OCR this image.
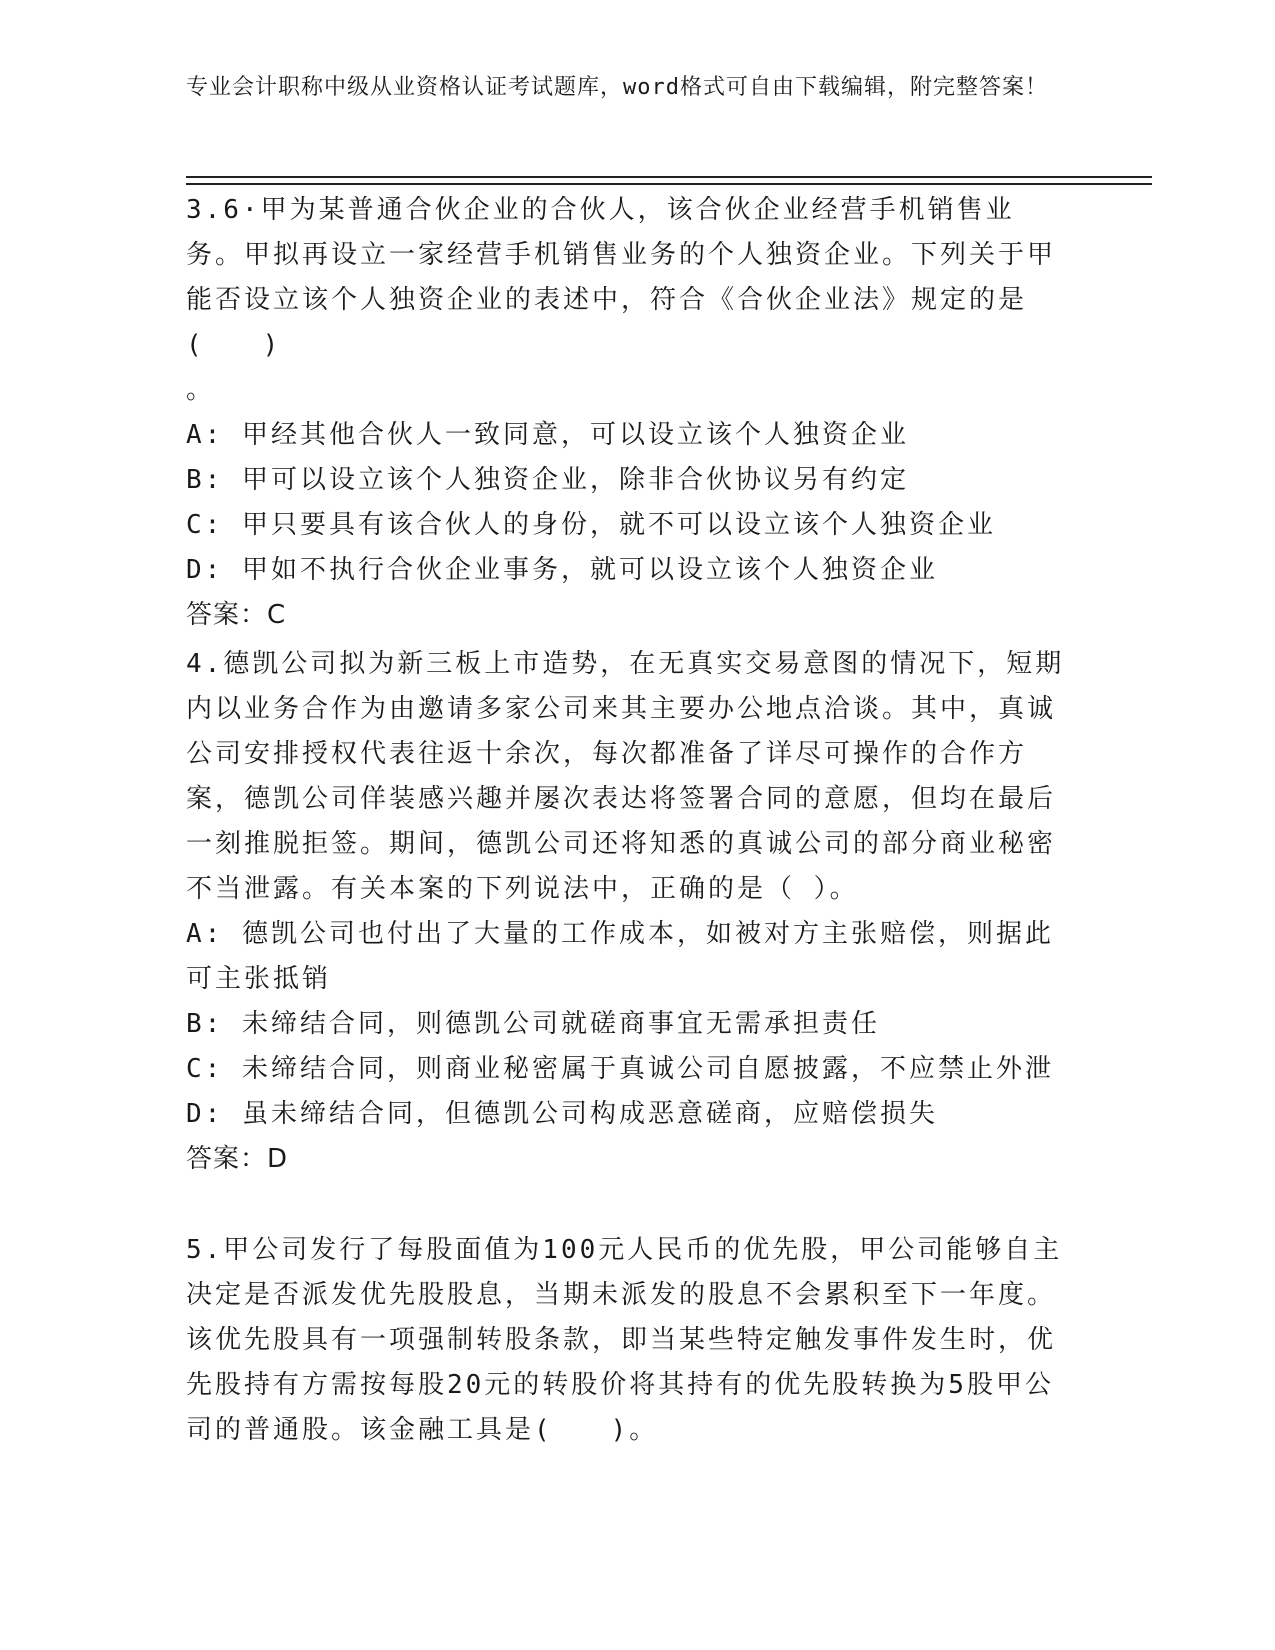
专业会计职称中级从业资格认证考试题库，word格式可自由下载编辑，附完整答案！

3.6·甲为某普通合伙企业的合伙人，该合伙企业经营手机销售业务。甲拟再设立一家经营手机销售业务的个人独资企业。下列关于甲能否设立该个人独资企业的表述中，符合《合伙企业法》规定的是(　　)
。

A: 甲经其他合伙人一致同意，可以设立该个人独资企业

B: 甲可以设立该个人独资企业，除非合伙协议另有约定

C: 甲只要具有该合伙人的身份，就不可以设立该个人独资企业

D: 甲如不执行合伙企业事务，就可以设立该个人独资企业

答案：C

4.德凯公司拟为新三板上市造势，在无真实交易意图的情况下，短期内以业务合作为由邀请多家公司来其主要办公地点洽谈。其中，真诚公司安排授权代表往返十余次，每次都准备了详尽可操作的合作方案，德凯公司佯装感兴趣并屡次表达将签署合同的意愿，但均在最后一刻推脱拒签。期间，德凯公司还将知悉的真诚公司的部分商业秘密不当泄露。有关本案的下列说法中，正确的是（ ）。

A: 德凯公司也付出了大量的工作成本，如被对方主张赔偿，则据此可主张抵销

B: 未缔结合同，则德凯公司就磋商事宜无需承担责任

C: 未缔结合同，则商业秘密属于真诚公司自愿披露，不应禁止外泄

D: 虽未缔结合同，但德凯公司构成恶意磋商，应赔偿损失

答案：D

5.甲公司发行了每股面值为100元人民币的优先股，甲公司能够自主决定是否派发优先股股息，当期未派发的股息不会累积至下一年度。该优先股具有一项强制转股条款，即当某些特定触发事件发生时，优先股持有方需按每股20元的转股价将其持有的优先股转换为5股甲公司的普通股。该金融工具是(　　)。
